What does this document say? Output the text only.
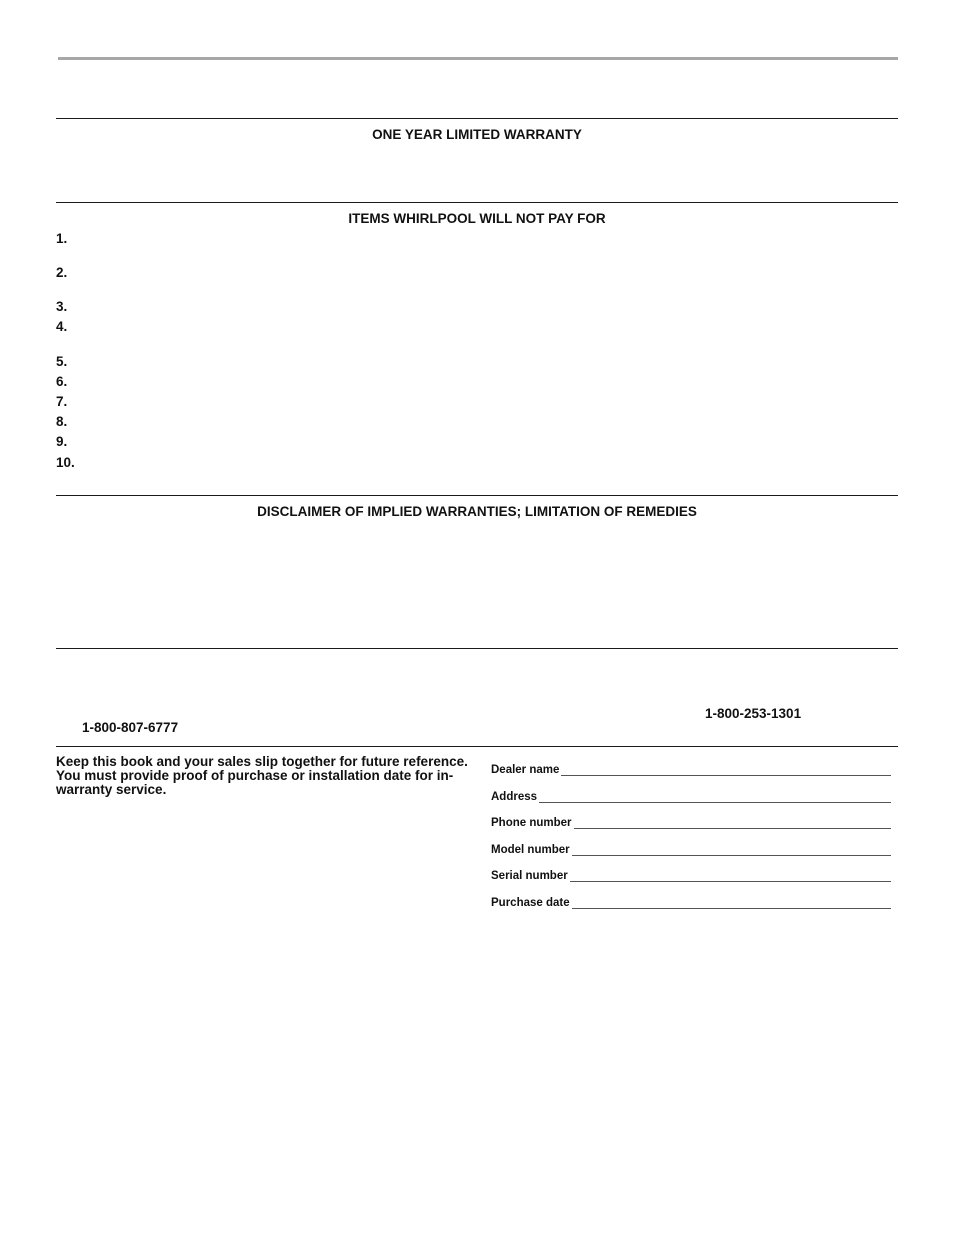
ONE YEAR LIMITED WARRANTY
ITEMS WHIRLPOOL WILL NOT PAY FOR
1.
2.
3.
4.
5.
6.
7.
8.
9.
10.
DISCLAIMER OF IMPLIED WARRANTIES; LIMITATION OF REMEDIES
1-800-253-1301
1-800-807-6777
Keep this book and your sales slip together for future reference. You must provide proof of purchase or installation date for in-warranty service.
Dealer name
Address
Phone number
Model number
Serial number
Purchase date
